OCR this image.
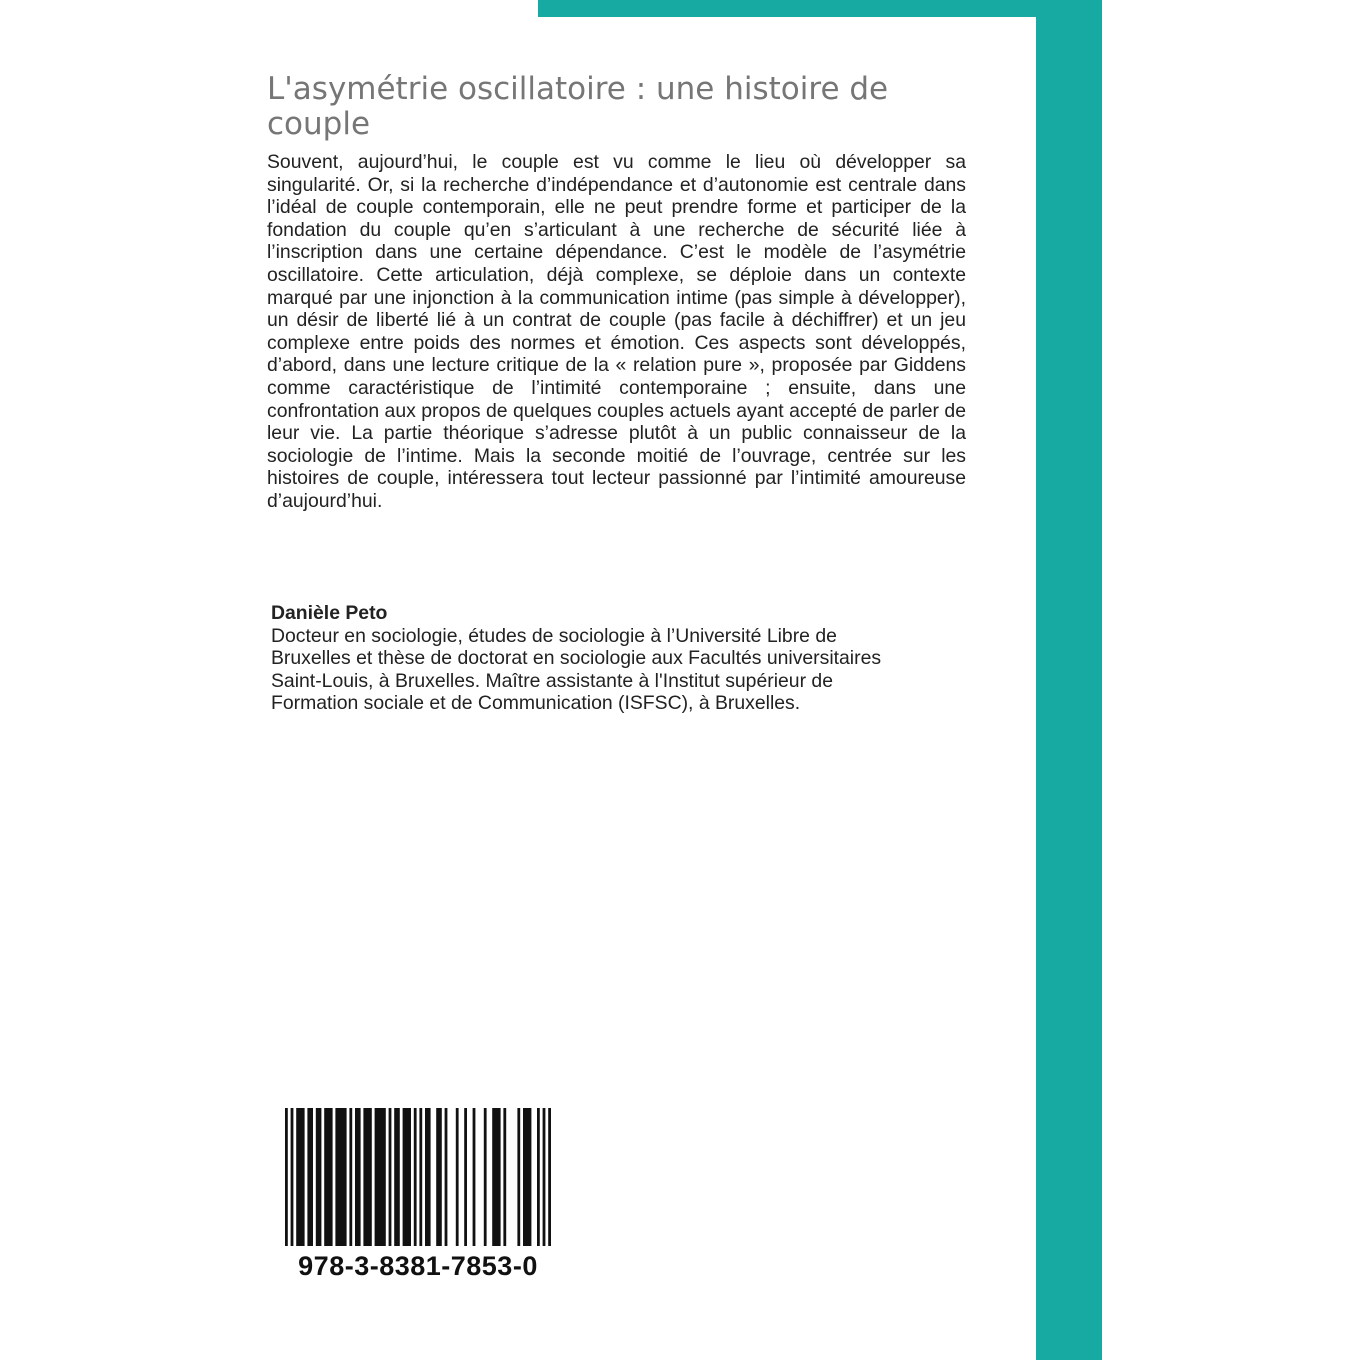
L'asymétrie oscillatoire : une histoire de couple

Souvent, aujourd’hui, le couple est vu comme le lieu où développer sa singularité. Or, si la recherche d’indépendance et d’autonomie est centrale dans l’idéal de couple contemporain, elle ne peut prendre forme et participer de la fondation du couple qu’en s’articulant à une recherche de sécurité liée à l’inscription dans une certaine dépendance. C’est le modèle de l’asymétrie oscillatoire. Cette articulation, déjà complexe, se déploie dans un contexte marqué par une injonction à la communication intime (pas simple à développer), un désir de liberté lié à un contrat de couple (pas facile à déchiffrer) et un jeu complexe entre poids des normes et émotion. Ces aspects sont développés, d’abord, dans une lecture critique de la « relation pure », proposée par Giddens comme caractéristique de l’intimité contemporaine ; ensuite, dans une confrontation aux propos de quelques couples actuels ayant accepté de parler de leur vie. La partie théorique s’adresse plutôt à un public connaisseur de la sociologie de l’intime. Mais la seconde moitié de l’ouvrage, centrée sur les histoires de couple, intéressera tout lecteur passionné par l’intimité amoureuse d’aujourd’hui.

Danièle Peto

Docteur en sociologie, études de sociologie à l’Université Libre de
Bruxelles et thèse de doctorat en sociologie aux Facultés universitaires
Saint-Louis, à Bruxelles. Maître assistante à l'Institut supérieur de
Formation sociale et de Communication (ISFSC), à Bruxelles.

978-3-8381-7853-0
